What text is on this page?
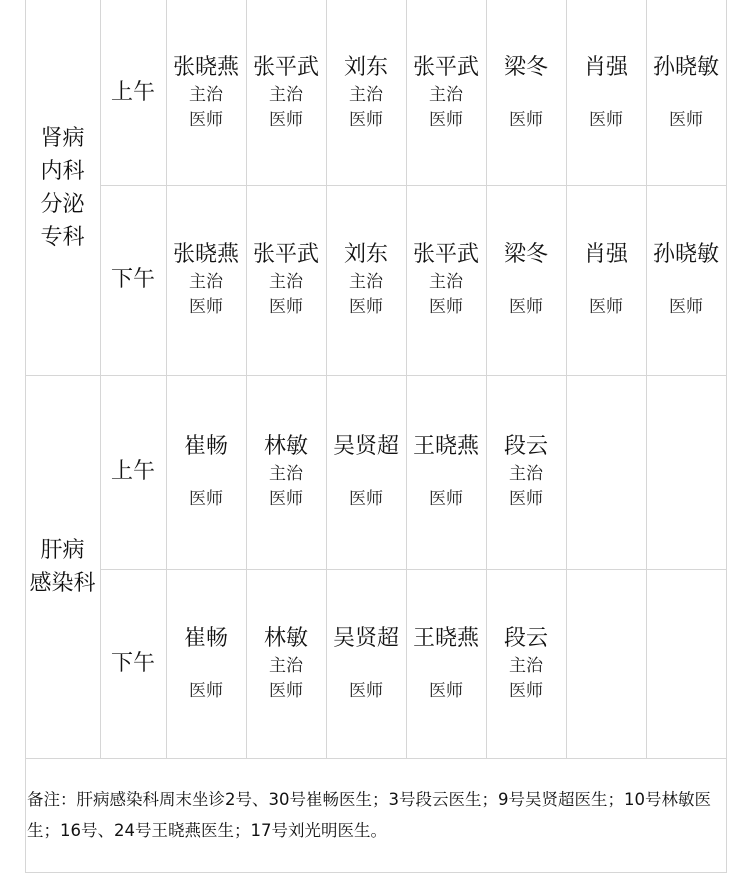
肾病
内科
分泌
专科
上午
张晓燕
主治
医师
张平武
主治
医师
刘东
主治
医师
张平武
主治
医师
梁冬
医师
肖强
医师
孙晓敏
医师
下午
张晓燕
主治
医师
张平武
主治
医师
刘东
主治
医师
张平武
主治
医师
梁冬
医师
肖强
医师
孙晓敏
医师
肝病
感染科
上午
崔畅
医师
林敏
主治
医师
吴贤超
医师
王晓燕
医师
段云
主治
医师
下午
崔畅
医师
林敏
主治
医师
吴贤超
医师
王晓燕
医师
段云
主治
医师
备注：肝病感染科周末坐诊2号、30号崔畅医生；3号段云医生；9号吴贤超医生；10号林敏医生；16号、24号王晓燕医生；17号刘光明医生。
